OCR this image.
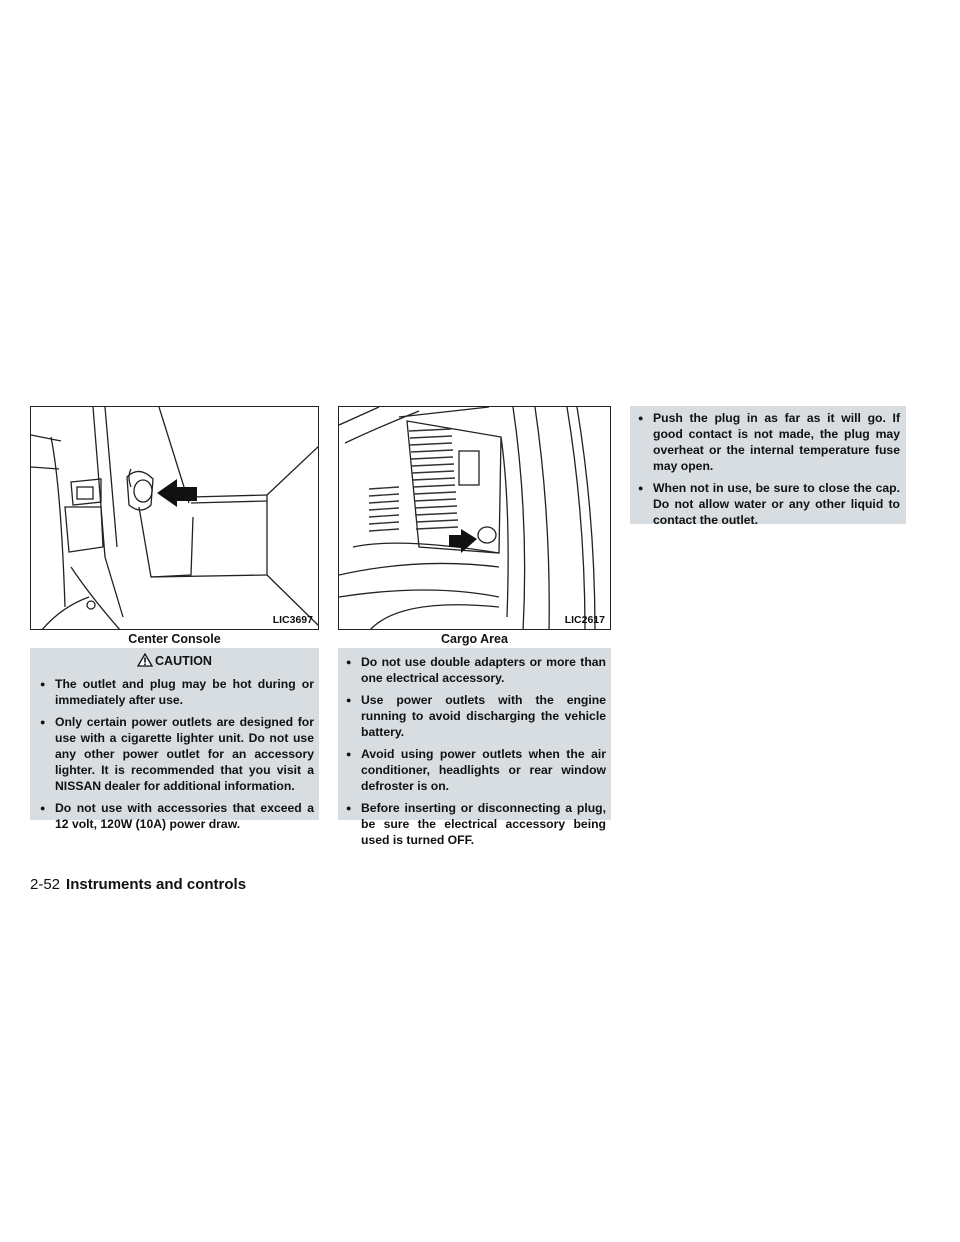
LIC3697
Center Console
LIC2617
Cargo Area
CAUTION
● The outlet and plug may be hot during or immediately after use.
● Only certain power outlets are designed for use with a cigarette lighter unit. Do not use any other power outlet for an accessory lighter. It is recommended that you visit a NISSAN dealer for additional information.
● Do not use with accessories that exceed a 12 volt, 120W (10A) power draw.
● Do not use double adapters or more than one electrical accessory.
● Use power outlets with the engine running to avoid discharging the vehicle battery.
● Avoid using power outlets when the air conditioner, headlights or rear window defroster is on.
● Before inserting or disconnecting a plug, be sure the electrical accessory being used is turned OFF.
● Push the plug in as far as it will go. If good contact is not made, the plug may overheat or the internal temperature fuse may open.
● When not in use, be sure to close the cap. Do not allow water or any other liquid to contact the outlet.
2-52 Instruments and controls
